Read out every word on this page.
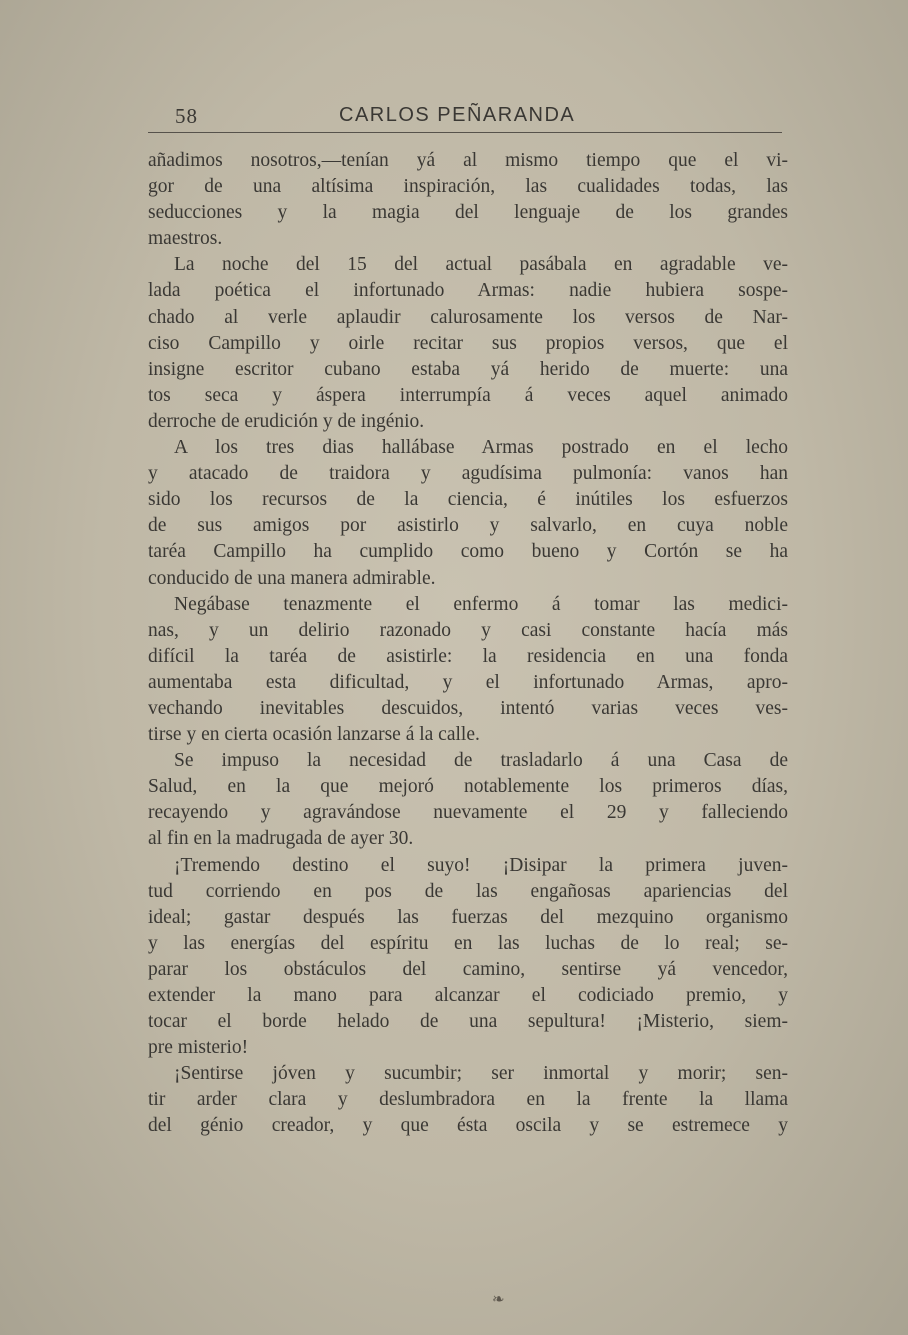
58	CARLOS PEÑARANDA
añadimos nosotros,—tenían yá al mismo tiempo que el vi-
gor de una altísima inspiración, las cualidades todas, las
seducciones y la magia del lenguaje de los grandes
maestros.
La noche del 15 del actual pasábala en agradable ve-
lada poética el infortunado Armas: nadie hubiera sospe-
chado al verle aplaudir calurosamente los versos de Nar-
ciso Campillo y oirle recitar sus propios versos, que el
insigne escritor cubano estaba yá herido de muerte: una
tos seca y áspera interrumpía á veces aquel animado
derroche de erudición y de ingénio.
A los tres dias hallábase Armas postrado en el lecho
y atacado de traidora y agudísima pulmonía: vanos han
sido los recursos de la ciencia, é inútiles los esfuerzos
de sus amigos por asistirlo y salvarlo, en cuya noble
taréa Campillo ha cumplido como bueno y Cortón se ha
conducido de una manera admirable.
Negábase tenazmente el enfermo á tomar las medici-
nas, y un delirio razonado y casi constante hacía más
difícil la taréa de asistirle: la residencia en una fonda
aumentaba esta dificultad, y el infortunado Armas, apro-
vechando inevitables descuidos, intentó varias veces ves-
tirse y en cierta ocasión lanzarse á la calle.
Se impuso la necesidad de trasladarlo á una Casa de
Salud, en la que mejoró notablemente los primeros días,
recayendo y agravándose nuevamente el 29 y falleciendo
al fin en la madrugada de ayer 30.
¡Tremendo destino el suyo! ¡Disipar la primera juven-
tud corriendo en pos de las engañosas apariencias del
ideal; gastar después las fuerzas del mezquino organismo
y las energías del espíritu en las luchas de lo real; se-
parar los obstáculos del camino, sentirse yá vencedor,
extender la mano para alcanzar el codiciado premio, y
tocar el borde helado de una sepultura! ¡Misterio, siem-
pre misterio!
¡Sentirse jóven y sucumbir; ser inmortal y morir; sen-
tir arder clara y deslumbradora en la frente la llama
del génio creador, y que ésta oscila y se estremece y
❧
